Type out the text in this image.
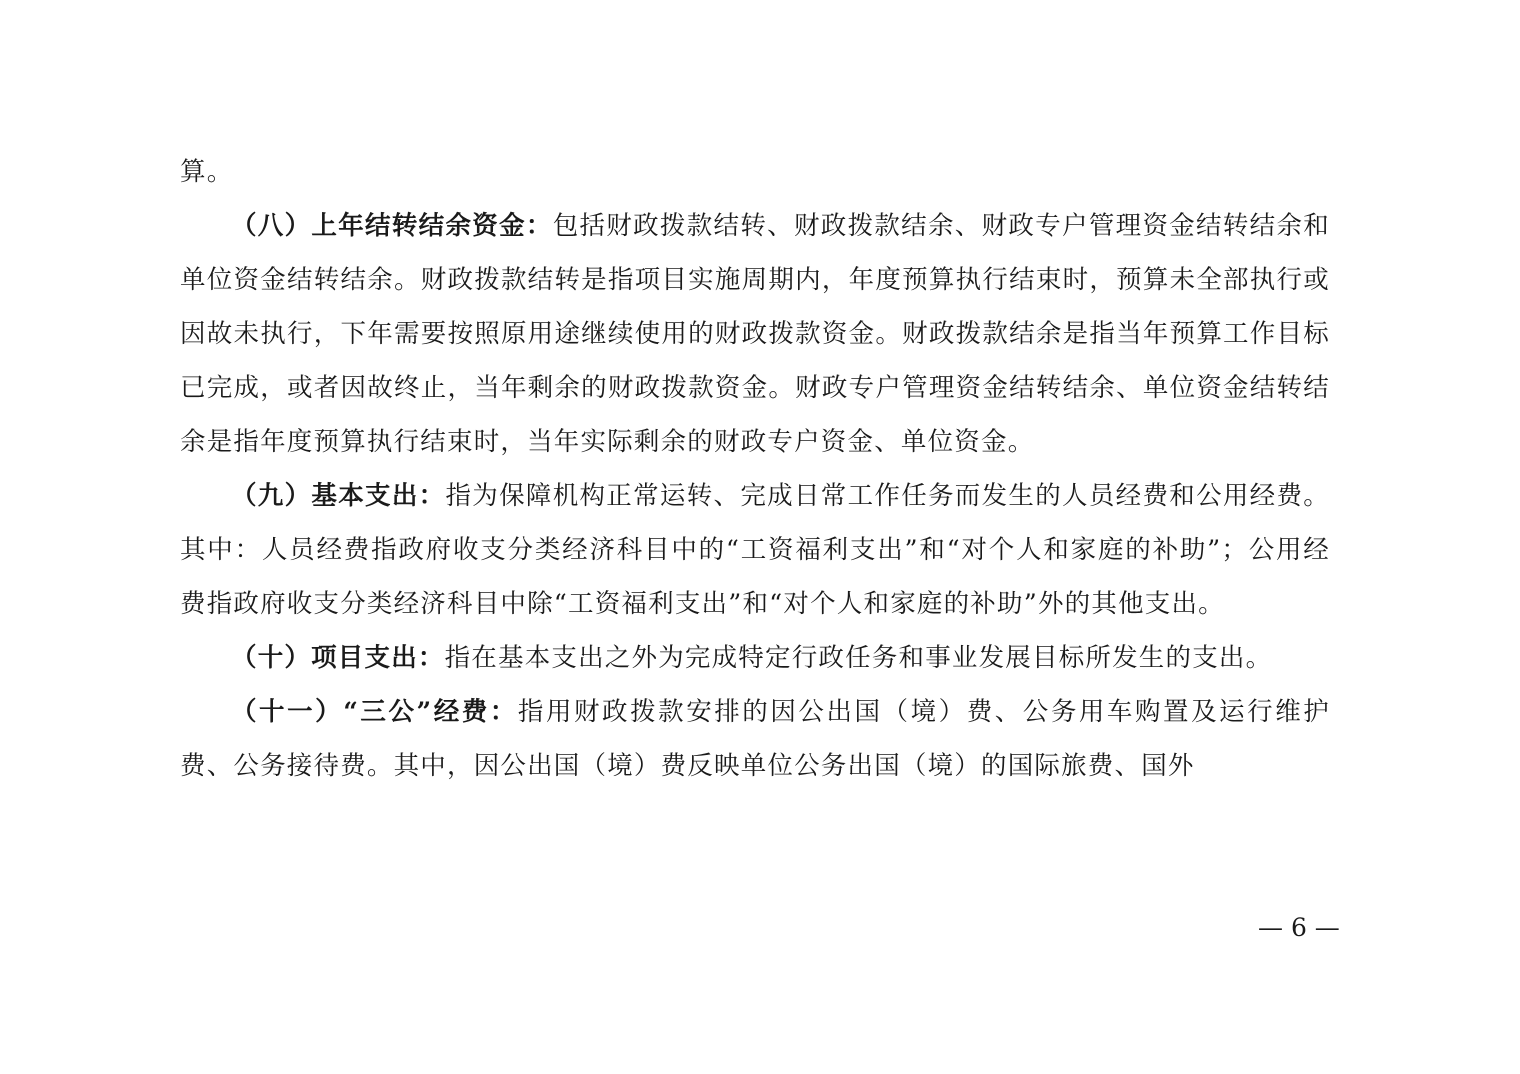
算。

（八）上年结转结余资金：包括财政拨款结转、财政拨款结余、财政专户管理资金结转结余和单位资金结转结余。财政拨款结转是指项目实施周期内，年度预算执行结束时，预算未全部执行或因故未执行，下年需要按照原用途继续使用的财政拨款资金。财政拨款结余是指当年预算工作目标已完成，或者因故终止，当年剩余的财政拨款资金。财政专户管理资金结转结余、单位资金结转结余是指年度预算执行结束时，当年实际剩余的财政专户资金、单位资金。

（九）基本支出：指为保障机构正常运转、完成日常工作任务而发生的人员经费和公用经费。其中：人员经费指政府收支分类经济科目中的“工资福利支出”和“对个人和家庭的补助”；公用经费指政府收支分类经济科目中除“工资福利支出”和“对个人和家庭的补助”外的其他支出。

（十）项目支出：指在基本支出之外为完成特定行政任务和事业发展目标所发生的支出。

（十一）“三公”经费：指用财政拨款安排的因公出国（境）费、公务用车购置及运行维护费、公务接待费。其中，因公出国（境）费反映单位公务出国（境）的国际旅费、国外

— 6 —
